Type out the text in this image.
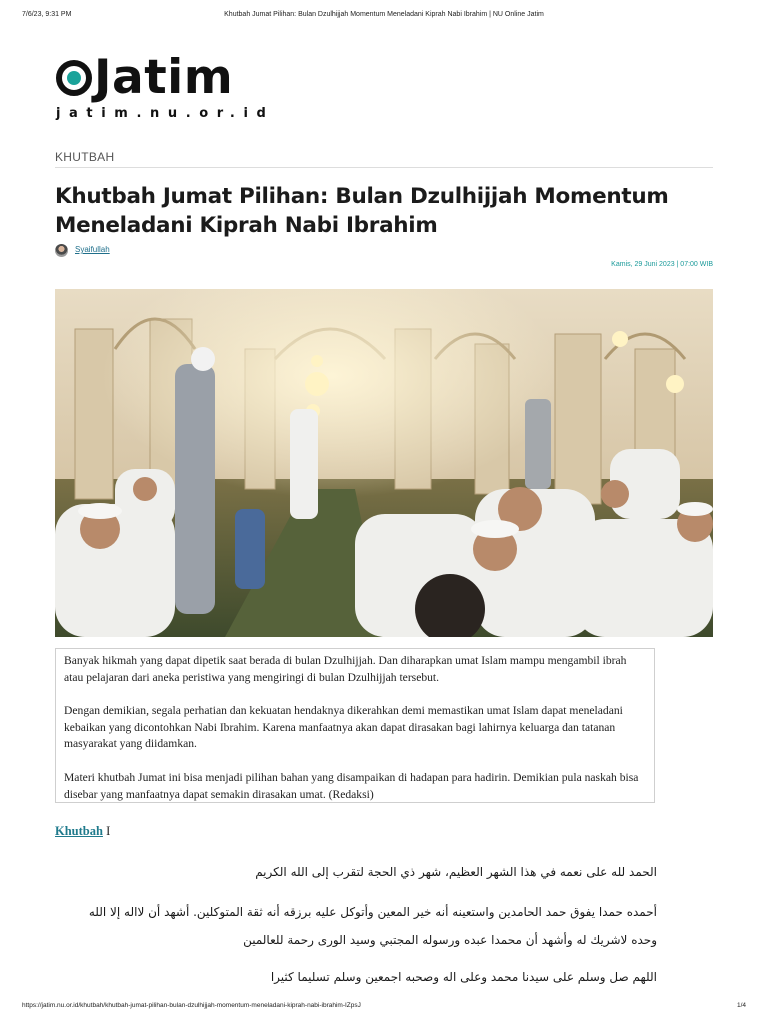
7/6/23, 9:31 PM	Khutbah Jumat Pilihan: Bulan Dzulhijjah Momentum Meneladani Kiprah Nabi Ibrahim | NU Online Jatim
Jatim
jatim.nu.or.id
KHUTBAH
Khutbah Jumat Pilihan: Bulan Dzulhijjah Momentum Meneladani Kiprah Nabi Ibrahim
Syaifullah
Kamis, 29 Juni 2023 | 07:00 WIB

Banyak hikmah yang dapat dipetik saat berada di bulan Dzulhijjah. Dan diharapkan umat Islam mampu mengambil ibrah atau pelajaran dari aneka peristiwa yang mengiringi di bulan Dzulhijjah tersebut.

Dengan demikian, segala perhatian dan kekuatan hendaknya dikerahkan demi memastikan umat Islam dapat meneladani kebaikan yang dicontohkan Nabi Ibrahim. Karena manfaatnya akan dapat dirasakan bagi lahirnya keluarga dan tatanan masyarakat yang diidamkan.

Materi khutbah Jumat ini bisa menjadi pilihan bahan yang disampaikan di hadapan para hadirin. Demikian pula naskah bisa disebar yang manfaatnya dapat semakin dirasakan umat. (Redaksi)

Khutbah I
الحمد لله على نعمه في هذا الشهر العظيم، شهر ذي الحجة لتقرب إلى الله الكريم
أحمده حمدا يفوق حمد الحامدين واستعينه أنه خير المعين وأتوكل عليه برزقه أنه ثقة المتوكلين. أشهد أن لااله إلا الله وحده لاشريك له وأشهد أن محمدا عبده ورسوله المجتبي وسيد الورى رحمة للعالمين
اللهم صل وسلم على سيدنا محمد وعلى اله وصحبه اجمعين وسلم تسليما كثيرا
https://jatim.nu.or.id/khutbah/khutbah-jumat-pilihan-bulan-dzulhijjah-momentum-meneladani-kiprah-nabi-ibrahim-IZpsJ	1/4
